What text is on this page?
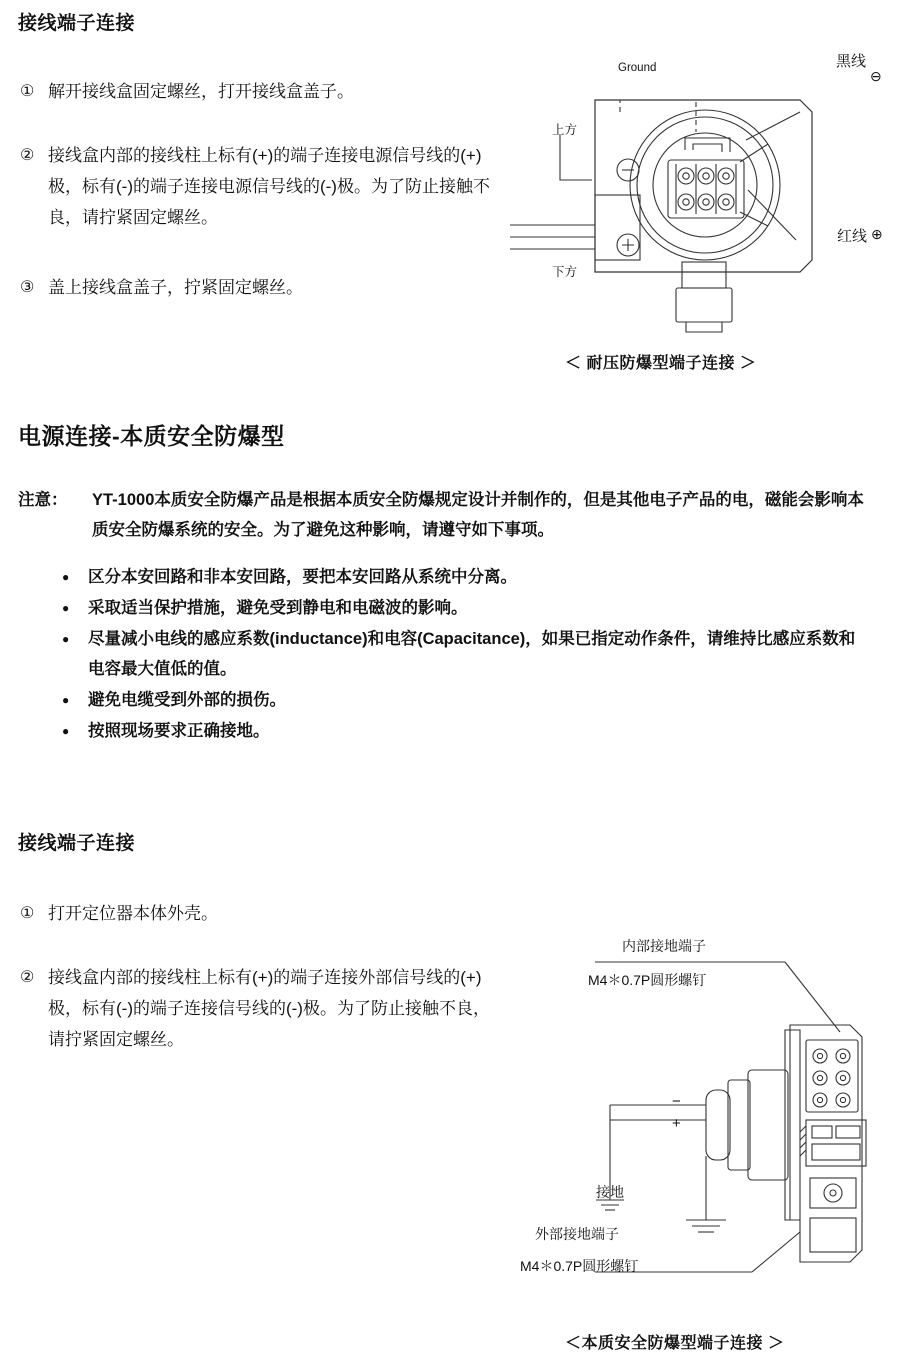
接线端子连接
① 解开接线盒固定螺丝，打开接线盒盖子。
② 接线盒内部的接线柱上标有(+)的端子连接电源信号线的(+)极，标有(-)的端子连接电源信号线的(-)极。为了防止接触不良，请拧紧固定螺丝。
③ 盖上接线盒盖子，拧紧固定螺丝。
Ground
上方
下方
黑线
红线
⊖
⊕
＜ 耐压防爆型端子连接 ＞
电源连接-本质安全防爆型
注意： YT-1000本质安全防爆产品是根据本质安全防爆规定设计并制作的，但是其他电子产品的电，磁能会影响本质安全防爆系统的安全。为了避免这种影响，请遵守如下事项。
● 区分本安回路和非本安回路，要把本安回路从系统中分离。
● 采取适当保护措施，避免受到静电和电磁波的影响。
● 尽量减小电线的感应系数(inductance)和电容(Capacitance)，如果已指定动作条件，请维持比感应系数和电容最大值低的值。
● 避免电缆受到外部的损伤。
● 按照现场要求正确接地。
接线端子连接
① 打开定位器本体外壳。
② 接线盒内部的接线柱上标有(+)的端子连接外部信号线的(+)极，标有(-)的端子连接信号线的(-)极。为了防止接触不良，请拧紧固定螺丝。
−
+
内部接地端子
M4＊0.7P圆形螺钉
接地
外部接地端子
M4＊0.7P圆形螺钉
＜本质安全防爆型端子连接 ＞
